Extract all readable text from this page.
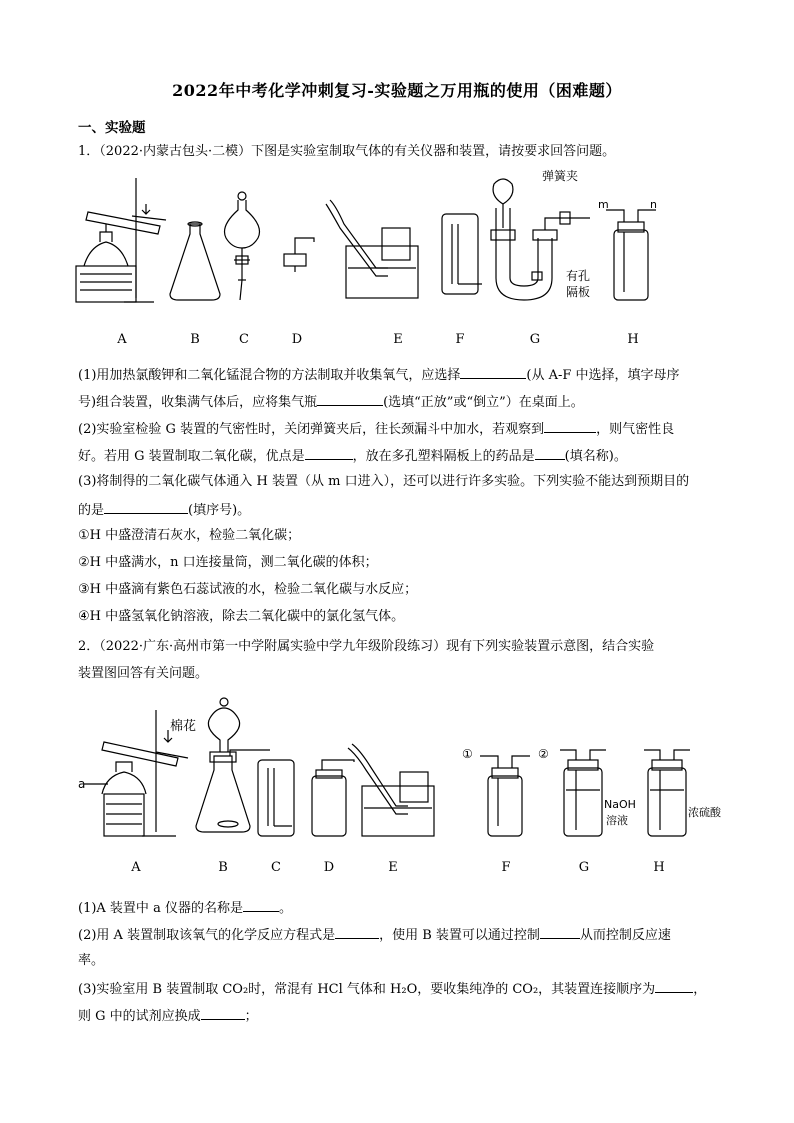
2022年中考化学冲刺复习-实验题之万用瓶的使用（困难题）
一、实验题
1．（2022·内蒙古包头·二模）下图是实验室制取气体的有关仪器和装置，请按要求回答问题。
弹簧夹
m	n
有孔
隔板
A	B	C	D	E	F	G	H
(1)用加热氯酸钾和二氧化锰混合物的方法制取并收集氧气，应选择	(从 A-F 中选择，填字母序
号)组合装置，收集满气体后，应将集气瓶	(选填“正放”或“倒立”）在桌面上。
(2)实验室检验 G 装置的气密性时，关闭弹簧夹后，往长颈漏斗中加水，若观察到	，则气密性良
好。若用 G 装置制取二氧化碳，优点是	，放在多孔塑料隔板上的药品是 (填名称)。
(3)将制得的二氧化碳气体通入 H 装置（从 m 口进入），还可以进行许多实验。下列实验不能达到预期目的
的是	(填序号)。
①H 中盛澄清石灰水，检验二氧化碳；
②H 中盛满水，n 口连接量筒，测二氧化碳的体积；
③H 中盛滴有紫色石蕊试液的水，检验二氧化碳与水反应；
④H 中盛氢氧化钠溶液，除去二氧化碳中的氯化氢气体。
2．（2022·广东·高州市第一中学附属实验中学九年级阶段练习）现有下列实验装置示意图，结合实验
装置图回答有关问题。
棉花
a
①	②
NaOH
溶液
浓硫酸
A	B	C	D	E	F	G	H
(1)A 装置中 a 仪器的名称是	。
(2)用 A 装置制取该氧气的化学反应方程式是	，使用 B 装置可以通过控制	从而控制反应速
率。
(3)实验室用 B 装置制取 CO₂时，常混有 HCl 气体和 H₂O，要收集纯净的 CO₂，其装置连接顺序为	，
则 G 中的试剂应换成	；
